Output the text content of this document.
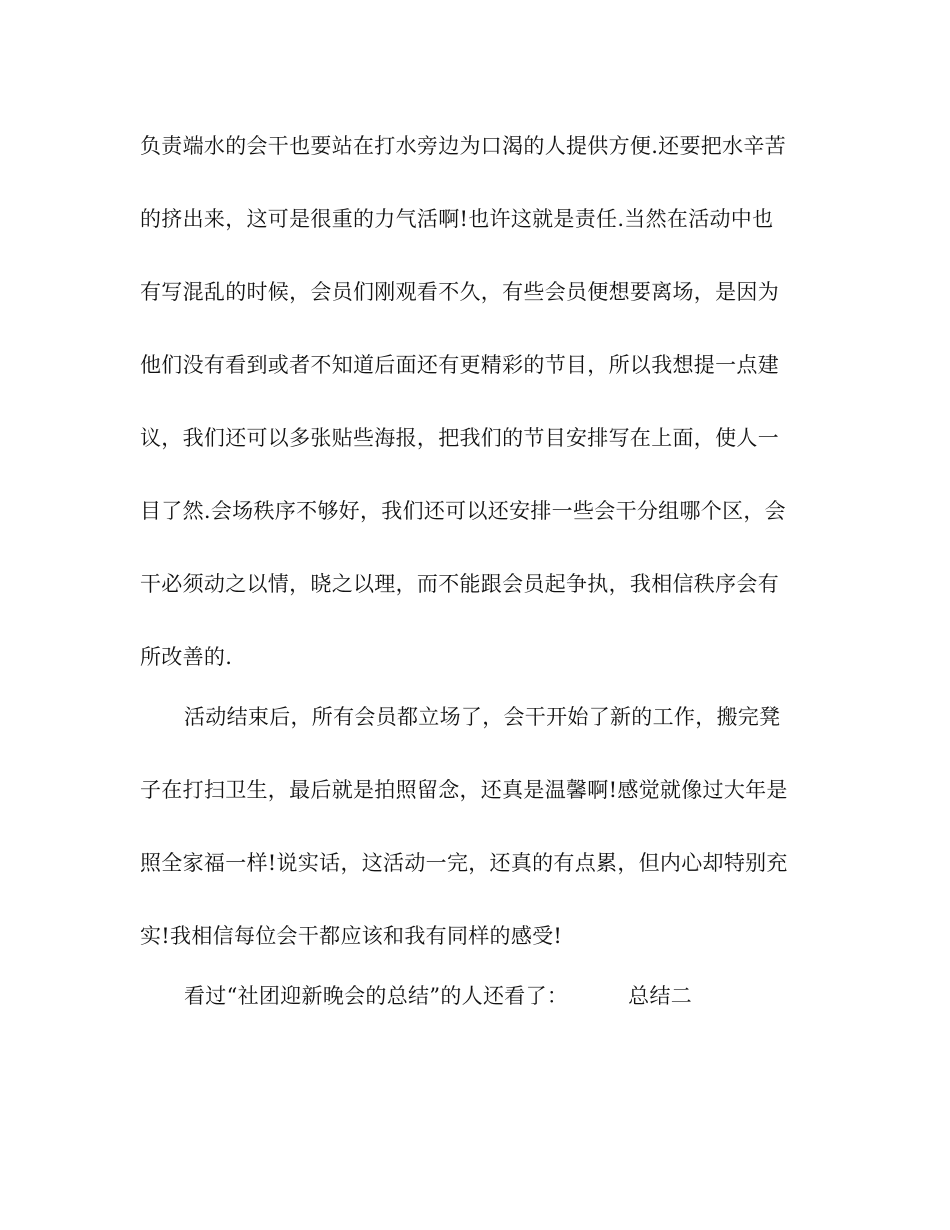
负责端水的会干也要站在打水旁边为口渴的人提供方便.还要把水辛苦
的挤出来，这可是很重的力气活啊!也许这就是责任.当然在活动中也
有写混乱的时候，会员们刚观看不久，有些会员便想要离场，是因为
他们没有看到或者不知道后面还有更精彩的节目，所以我想提一点建
议，我们还可以多张贴些海报，把我们的节目安排写在上面，使人一
目了然.会场秩序不够好，我们还可以还安排一些会干分组哪个区，会
干必须动之以情，晓之以理，而不能跟会员起争执，我相信秩序会有
所改善的.
活动结束后，所有会员都立场了，会干开始了新的工作，搬完凳
子在打扫卫生，最后就是拍照留念，还真是温馨啊!感觉就像过大年是
照全家福一样!说实话，这活动一完，还真的有点累，但内心却特别充
实!我相信每位会干都应该和我有同样的感受!
看过“社团迎新晚会的总结”的人还看了：	总结二
